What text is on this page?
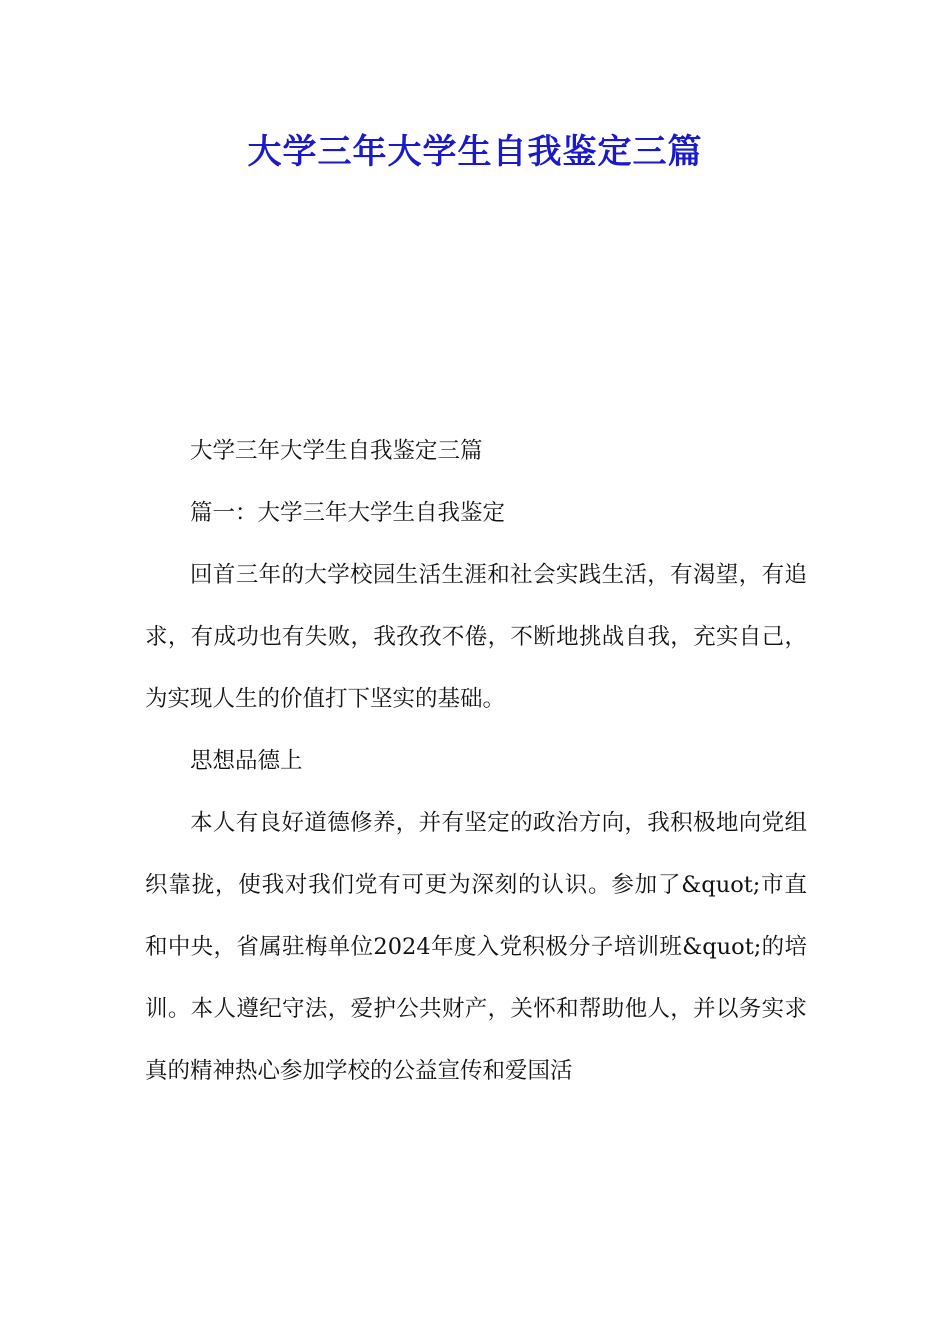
大学三年大学生自我鉴定三篇

大学三年大学生自我鉴定三篇

篇一：大学三年大学生自我鉴定

回首三年的大学校园生活生涯和社会实践生活，有渴望，有追求，有成功也有失败，我孜孜不倦，不断地挑战自我，充实自己，为实现人生的价值打下坚实的基础。

思想品德上

本人有良好道德修养，并有坚定的政治方向，我积极地向党组织靠拢，使我对我们党有可更为深刻的认识。参加了&quot;市直和中央，省属驻梅单位2024年度入党积极分子培训班&quot;的培训。本人遵纪守法，爱护公共财产，关怀和帮助他人，并以务实求真的精神热心参加学校的公益宣传和爱国活
